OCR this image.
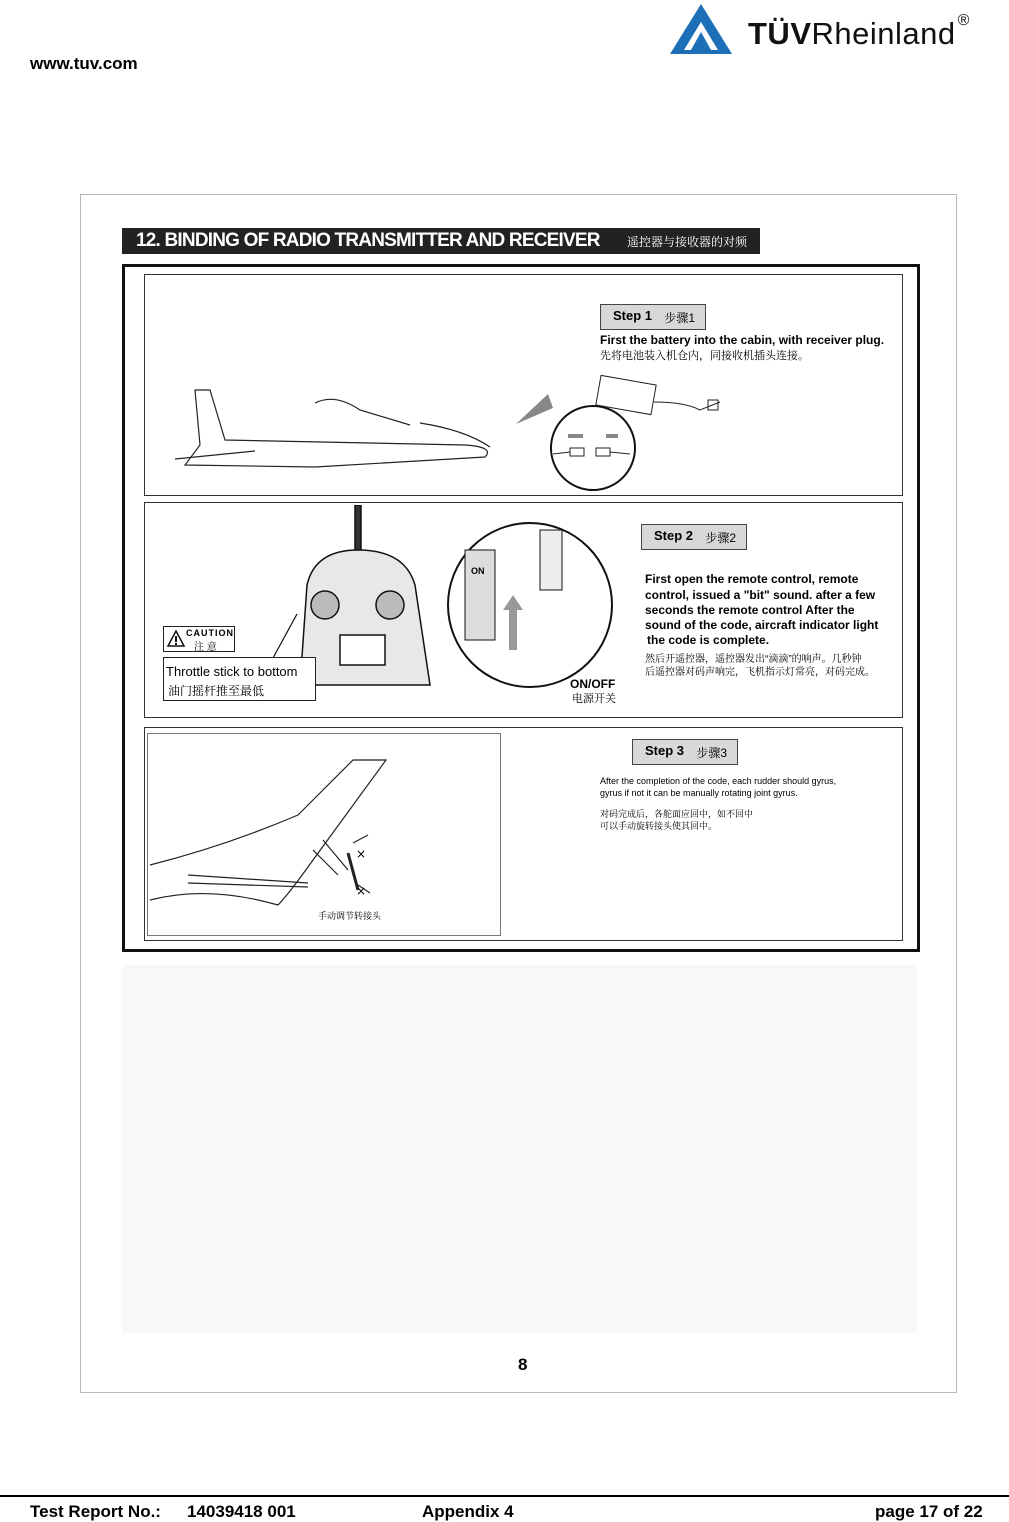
www.tuv.com
TÜVRheinland ®
12. BINDING OF RADIO TRANSMITTER AND RECEIVER 遥控器与接收器的对频
Step 1 步骤1
First the battery into the cabin, with receiver plug.
先将电池装入机仓内，同接收机插头连接。
ON
CAUTION
注 意
Throttle stick to bottom
油门摇杆推至最低
Step 2 步骤2
First open the remote control, remote
control, issued a "bit" sound. after a few
seconds the remote control After the
sound of the code, aircraft indicator light
the code is complete.
然后开遥控器，遥控器发出“滴滴”的响声。几秒钟
后遥控器对码声响完，飞机指示灯常亮，对码完成。
ON/OFF
电源开关
×
×
手动调节转接头
Step 3 步骤3
After the completion of the code, each rudder should gyrus,
gyrus if not it can be manually rotating joint gyrus.
对码完成后，各舵面应回中，如不回中
可以手动旋转接头使其回中。
8
Test Report No.: 14039418 001	Appendix 4	page 17 of 22
